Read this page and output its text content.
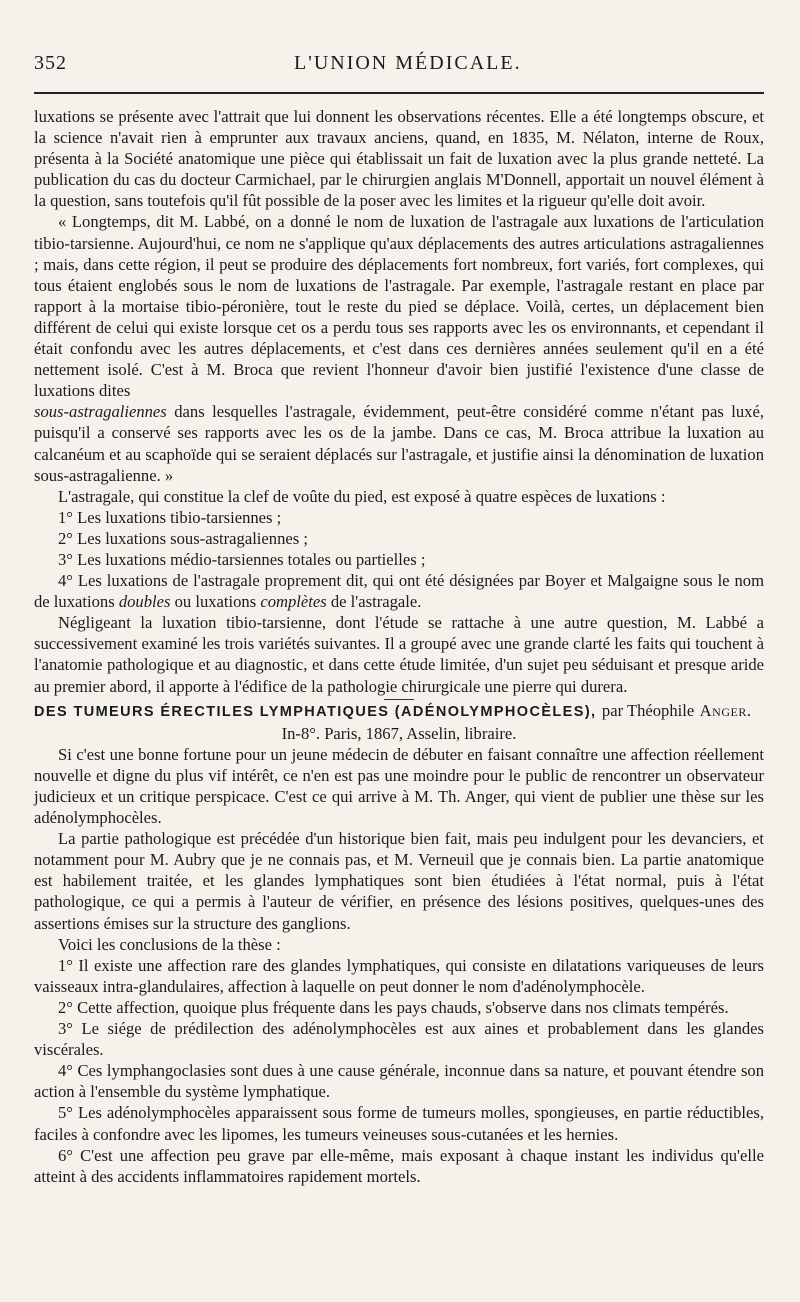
352	L'UNION MÉDICALE.

luxations se présente avec l'attrait que lui donnent les observations récentes. Elle a été longtemps obscure, et la science n'avait rien à emprunter aux travaux anciens, quand, en 1835, M. Nélaton, interne de Roux, présenta à la Société anatomique une pièce qui établissait un fait de luxation avec la plus grande netteté. La publication du cas du docteur Carmichael, par le chirurgien anglais M'Donnell, apportait un nouvel élément à la question, sans toutefois qu'il fût possible de la poser avec les limites et la rigueur qu'elle doit avoir.

« Longtemps, dit M. Labbé, on a donné le nom de luxation de l'astragale aux luxations de l'articulation tibio-tarsienne. Aujourd'hui, ce nom ne s'applique qu'aux déplacements des autres articulations astragaliennes ; mais, dans cette région, il peut se produire des déplacements fort nombreux, fort variés, fort complexes, qui tous étaient englobés sous le nom de luxations de l'astragale. Par exemple, l'astragale restant en place par rapport à la mortaise tibio-péronière, tout le reste du pied se déplace. Voilà, certes, un déplacement bien différent de celui qui existe lorsque cet os a perdu tous ses rapports avec les os environnants, et cependant il était confondu avec les autres déplacements, et c'est dans ces dernières années seulement qu'il en a été nettement isolé. C'est à M. Broca que revient l'honneur d'avoir bien justifié l'existence d'une classe de luxations dites

sous-astragaliennes dans lesquelles l'astragale, évidemment, peut-être considéré comme n'étant pas luxé, puisqu'il a conservé ses rapports avec les os de la jambe. Dans ce cas, M. Broca attribue la luxation au calcanéum et au scaphoïde qui se seraient déplacés sur l'astragale, et justifie ainsi la dénomination de luxation sous-astragalienne. »

L'astragale, qui constitue la clef de voûte du pied, est exposé à quatre espèces de luxations :

1° Les luxations tibio-tarsiennes ;

2° Les luxations sous-astragaliennes ;

3° Les luxations médio-tarsiennes totales ou partielles ;

4° Les luxations de l'astragale proprement dit, qui ont été désignées par Boyer et Malgaigne sous le nom de luxations doubles ou luxations complètes de l'astragale.

Négligeant la luxation tibio-tarsienne, dont l'étude se rattache à une autre question, M. Labbé a successivement examiné les trois variétés suivantes. Il a groupé avec une grande clarté les faits qui touchent à l'anatomie pathologique et au diagnostic, et dans cette étude limitée, d'un sujet peu séduisant et presque aride au premier abord, il apporte à l'édifice de la pathologie chirurgicale une pierre qui durera.

DES TUMEURS ÉRECTILES LYMPHATIQUES (ADÉNOLYMPHOCÈLES), par Théophile Anger.

In-8°. Paris, 1867, Asselin, libraire.

Si c'est une bonne fortune pour un jeune médecin de débuter en faisant connaître une affection réellement nouvelle et digne du plus vif intérêt, ce n'en est pas une moindre pour le public de rencontrer un observateur judicieux et un critique perspicace. C'est ce qui arrive à M. Th. Anger, qui vient de publier une thèse sur les adénolymphocèles.

La partie pathologique est précédée d'un historique bien fait, mais peu indulgent pour les devanciers, et notamment pour M. Aubry que je ne connais pas, et M. Verneuil que je connais bien. La partie anatomique est habilement traitée, et les glandes lymphatiques sont bien étudiées à l'état normal, puis à l'état pathologique, ce qui a permis à l'auteur de vérifier, en présence des lésions positives, quelques-unes des assertions émises sur la structure des ganglions.

Voici les conclusions de la thèse :

1° Il existe une affection rare des glandes lymphatiques, qui consiste en dilatations variqueuses de leurs vaisseaux intra-glandulaires, affection à laquelle on peut donner le nom d'adénolymphocèle.

2° Cette affection, quoique plus fréquente dans les pays chauds, s'observe dans nos climats tempérés.

3° Le siége de prédilection des adénolymphocèles est aux aines et probablement dans les glandes viscérales.

4° Ces lymphangoclasies sont dues à une cause générale, inconnue dans sa nature, et pouvant étendre son action à l'ensemble du système lymphatique.

5° Les adénolymphocèles apparaissent sous forme de tumeurs molles, spongieuses, en partie réductibles, faciles à confondre avec les lipomes, les tumeurs veineuses sous-cutanées et les hernies.

6° C'est une affection peu grave par elle-même, mais exposant à chaque instant les individus qu'elle atteint à des accidents inflammatoires rapidement mortels.
